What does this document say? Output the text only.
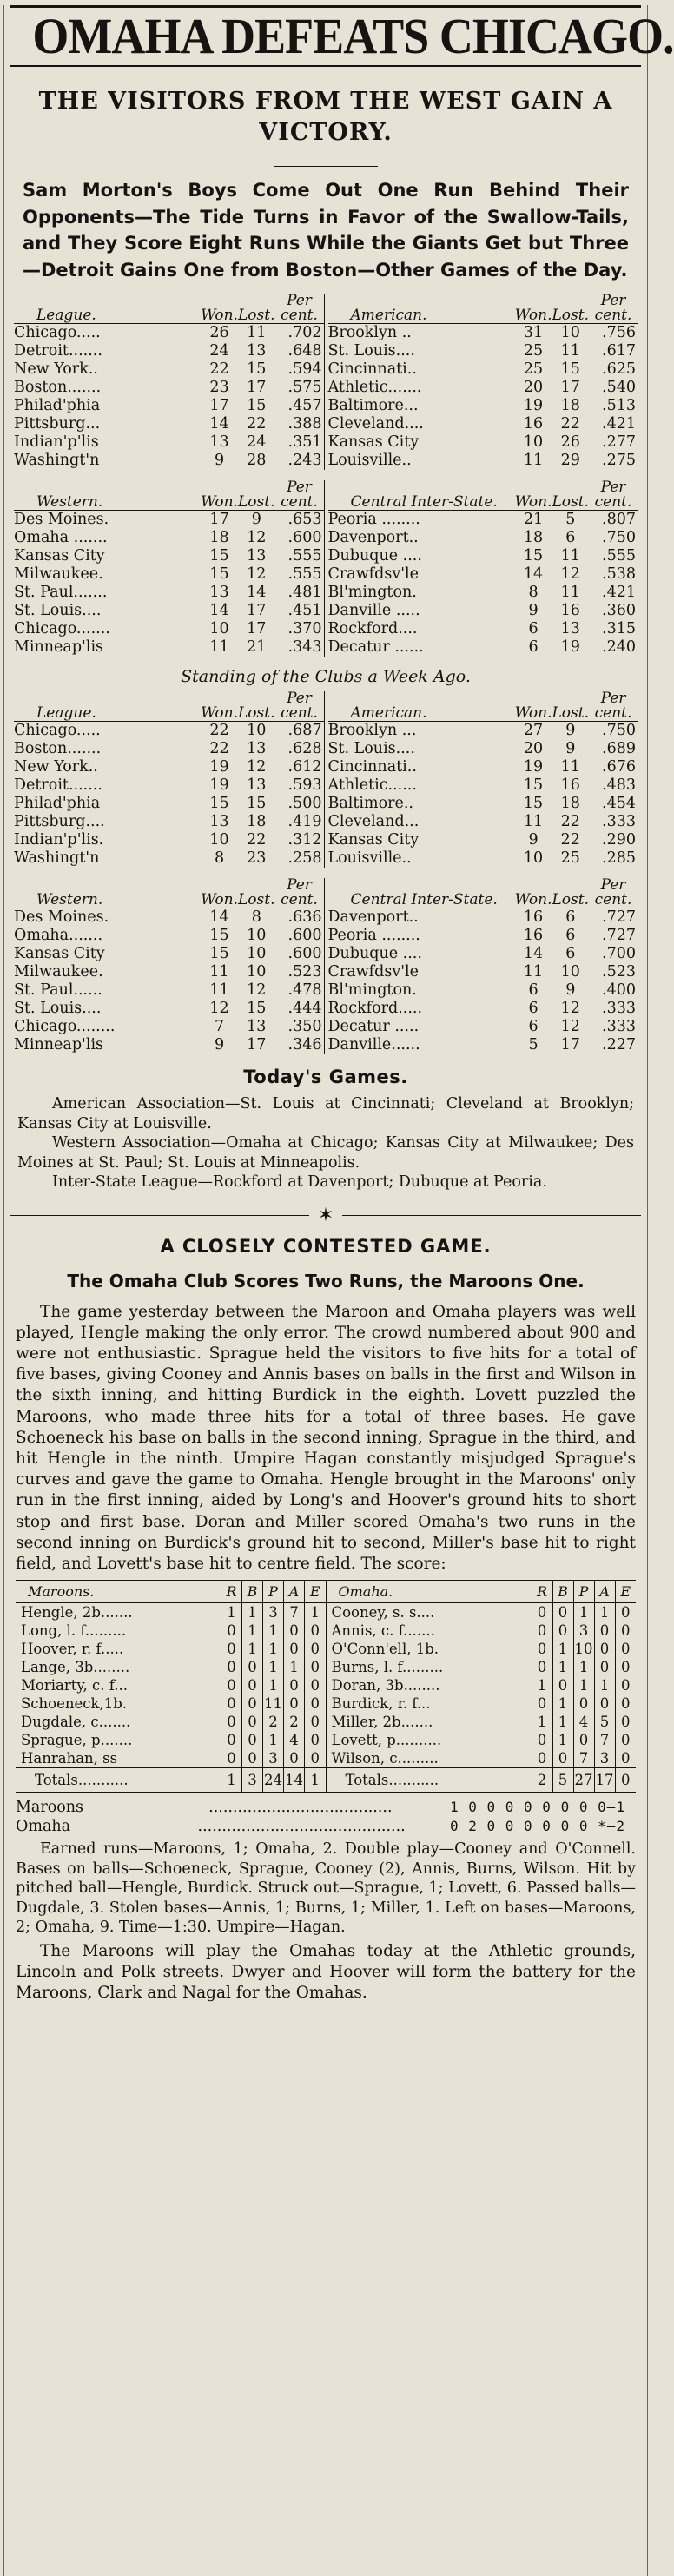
OMAHA DEFEATS CHICAGO.
THE VISITORS FROM THE WEST GAIN A VICTORY.

Sam Morton's Boys Come Out One Run Behind Their Opponents—The Tide Turns in Favor of the Swallow-Tails, and They Score Eight Runs While the Giants Get but Three—Detroit Gains One from Boston—Other Games of the Day.

League.	Won.	Lost.	Per cent.
Chicago.....	26	11	.702
Detroit.......	24	13	.648
New York..	22	15	.594
Boston.......	23	17	.575
Philad'phia	17	15	.457
Pittsburg...	14	22	.388
Indian'p'lis	13	24	.351
Washingt'n	9	28	.243
American.	Won.	Lost.	Per cent.
Brooklyn ..	31	10	.756
St. Louis....	25	11	.617
Cincinnati..	25	15	.625
Athletic.......	20	17	.540
Baltimore...	19	18	.513
Cleveland....	16	22	.421
Kansas City	10	26	.277
Louisville..	11	29	.275
Western.	Won.	Lost.	Per cent.
Des Moines.	17	9	.653
Omaha .......	18	12	.600
Kansas City	15	13	.555
Milwaukee.	15	12	.555
St. Paul.......	13	14	.481
St. Louis....	14	17	.451
Chicago.......	10	17	.370
Minneap'lis	11	21	.343
Central Inter-State.	Won.	Lost.	Per cent.
Peoria ........	21	5	.807
Davenport..	18	6	.750
Dubuque ....	15	11	.555
Crawfdsv'le	14	12	.538
Bl'mington.	8	11	.421
Danville .....	9	16	.360
Rockford....	6	13	.315
Decatur ......	6	19	.240
Standing of the Clubs a Week Ago.
League.	Won.	Lost.	Per cent.
Chicago.....	22	10	.687
Boston.......	22	13	.628
New York..	19	12	.612
Detroit.......	19	13	.593
Philad'phia	15	15	.500
Pittsburg....	13	18	.419
Indian'p'lis.	10	22	.312
Washingt'n	8	23	.258
American.	Won.	Lost.	Per cent.
Brooklyn ...	27	9	.750
St. Louis....	20	9	.689
Cincinnati..	19	11	.676
Athletic......	15	16	.483
Baltimore..	15	18	.454
Cleveland...	11	22	.333
Kansas City	9	22	.290
Louisville..	10	25	.285
Western.	Won.	Lost.	Per cent.
Des Moines.	14	8	.636
Omaha.......	15	10	.600
Kansas City	15	10	.600
Milwaukee.	11	10	.523
St. Paul......	11	12	.478
St. Louis....	12	15	.444
Chicago........	7	13	.350
Minneap'lis	9	17	.346
Central Inter-State.	Won.	Lost.	Per cent.
Davenport..	16	6	.727
Peoria ........	16	6	.727
Dubuque ....	14	6	.700
Crawfdsv'le	11	10	.523
Bl'mington.	6	9	.400
Rockford.....	6	12	.333
Decatur .....	6	12	.333
Danville......	5	17	.227
Today's Games.

American Association—St. Louis at Cincinnati; Cleveland at Brooklyn; Kansas City at Louisville.

Western Association—Omaha at Chicago; Kansas City at Milwaukee; Des Moines at St. Paul; St. Louis at Minneapolis.

Inter-State League—Rockford at Davenport; Dubuque at Peoria.

✶
A CLOSELY CONTESTED GAME.

The Omaha Club Scores Two Runs, the Maroons One.

The game yesterday between the Maroon and Omaha players was well played, Hengle making the only error. The crowd numbered about 900 and were not enthusiastic. Sprague held the visitors to five hits for a total of five bases, giving Cooney and Annis bases on balls in the first and Wilson in the sixth inning, and hitting Burdick in the eighth. Lovett puzzled the Maroons, who made three hits for a total of three bases. He gave Schoeneck his base on balls in the second inning, Sprague in the third, and hit Hengle in the ninth. Umpire Hagan constantly misjudged Sprague's curves and gave the game to Omaha. Hengle brought in the Maroons' only run in the first inning, aided by Long's and Hoover's ground hits to short stop and first base. Doran and Miller scored Omaha's two runs in the second inning on Burdick's ground hit to second, Miller's base hit to right field, and Lovett's base hit to centre field. The score:

Maroons.	R	B	P	A	E
Hengle, 2b.......	1	1	3	7	1
Long, l. f.........	0	1	1	0	0
Hoover, r. f.....	0	1	1	0	0
Lange, 3b........	0	0	1	1	0
Moriarty, c. f...	0	0	1	0	0
Schoeneck,1b.	0	0	11	0	0
Dugdale, c.......	0	0	2	2	0
Sprague, p.......	0	0	1	4	0
Hanrahan, ss	0	0	3	0	0
Totals...........	1	3	24	14	1
Omaha.	R	B	P	A	E
Cooney, s. s....	0	0	1	1	0
Annis, c. f.......	0	0	3	0	0
O'Conn'ell, 1b.	0	1	10	0	0
Burns, l. f.........	0	1	1	0	0
Doran, 3b........	1	0	1	1	0
Burdick, r. f...	0	1	0	0	0
Miller, 2b.......	1	1	4	5	0
Lovett, p..........	0	1	0	7	0
Wilson, c.........	0	0	7	3	0
Totals...........	2	5	27	17	0
Maroons	......................................	1 0 0 0 0 0 0 0 0—1
Omaha	...........................................	0 2 0 0 0 0 0 0 *—2

Earned runs—Maroons, 1; Omaha, 2. Double play—Cooney and O'Connell. Bases on balls—Schoeneck, Sprague, Cooney (2), Annis, Burns, Wilson. Hit by pitched ball—Hengle, Burdick. Struck out—Sprague, 1; Lovett, 6. Passed balls—Dugdale, 3. Stolen bases—Annis, 1; Burns, 1; Miller, 1. Left on bases—Maroons, 2; Omaha, 9. Time—1:30. Umpire—Hagan.

The Maroons will play the Omahas today at the Athletic grounds, Lincoln and Polk streets. Dwyer and Hoover will form the battery for the Maroons, Clark and Nagal for the Omahas.
